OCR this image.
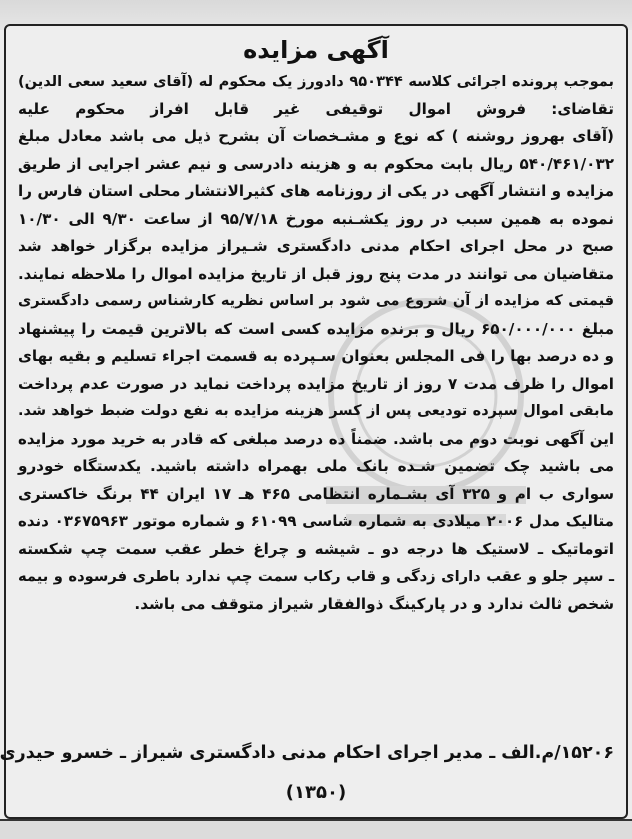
آگهی مزایده
بموجب پرونده اجرائی کلاسه ۹۵۰۳۴۴ دادورز یک محکوم له (آقای سعید سعی الدین)
تقاضای: فروش اموال توقیفی غیر قابل افراز محکوم علیه
(آقای بهروز روشنه ) که نوع و مشـخصات آن بشرح ذیل می باشد معادل مبلغ
۵۴۰/۴۶۱/۰۳۲ ریال بابت محکوم به و هزینه دادرسی و نیم عشر اجرایی از طریق
مزایده و انتشار آگهی در یکی از روزنامه های کثیرالانتشار محلی استان فارس را
نموده به همین سبب در روز یکشـنبه مورخ ۹۵/۷/۱۸ از ساعت ۹/۳۰ الی ۱۰/۳۰
صبح در محل اجرای احکام مدنی دادگستری شـیراز مزایده برگزار خواهد شد
متقاضیان می توانند در مدت پنج روز قبل از تاریخ مزایده اموال را ملاحظه نمایند.
قیمتی که مزایده از آن شروع می شود بر اساس نظریه کارشناس رسمی دادگستری
مبلغ ۶۵۰/۰۰۰/۰۰۰ ریال و برنده مزایده کسی است که بالاترین قیمت را پیشنهاد
و ده درصد بها را فی المجلس بعنوان سـپرده به قسمت اجراء تسلیم و بقیه بهای
اموال را ظرف مدت ۷ روز از تاریخ مزایده پرداخت نماید در صورت عدم پرداخت
مابقی اموال سپرده تودیعی پس از کسر هزینه مزایده به نفع دولت ضبط خواهد شد.
این آگهی نوبت دوم می باشد. ضمناً ده درصد مبلغی که قادر به خرید مورد مزایده
می باشید چک تضمین شـده بانک ملی بهمراه داشته باشید. یکدستگاه خودرو
سواری ب ام و ۳۲۵ آی بشـماره انتظامی ۴۶۵ هـ ۱۷ ایران ۴۴ برنگ خاکستری
متالیک مدل ۲۰۰۶ میلادی به شماره شاسی ۶۱۰۹۹ و شماره موتور ۰۳۶۷۵۹۶۳ دنده
اتوماتیک ـ لاستیک ها درجه دو ـ شیشه و چراغ خطر عقب سمت چپ شکسته
ـ سپر جلو و عقب دارای زدگی و قاب رکاب سمت چپ ندارد باطری فرسوده و بیمه
شخص ثالث ندارد و در پارکینگ ذوالفقار شیراز متوقف می باشد.
۱۵۲۰۶/م.الف ـ مدیر اجرای احکام مدنی دادگستری شیراز ـ خسرو حیدری
(۱۳۵۰)
